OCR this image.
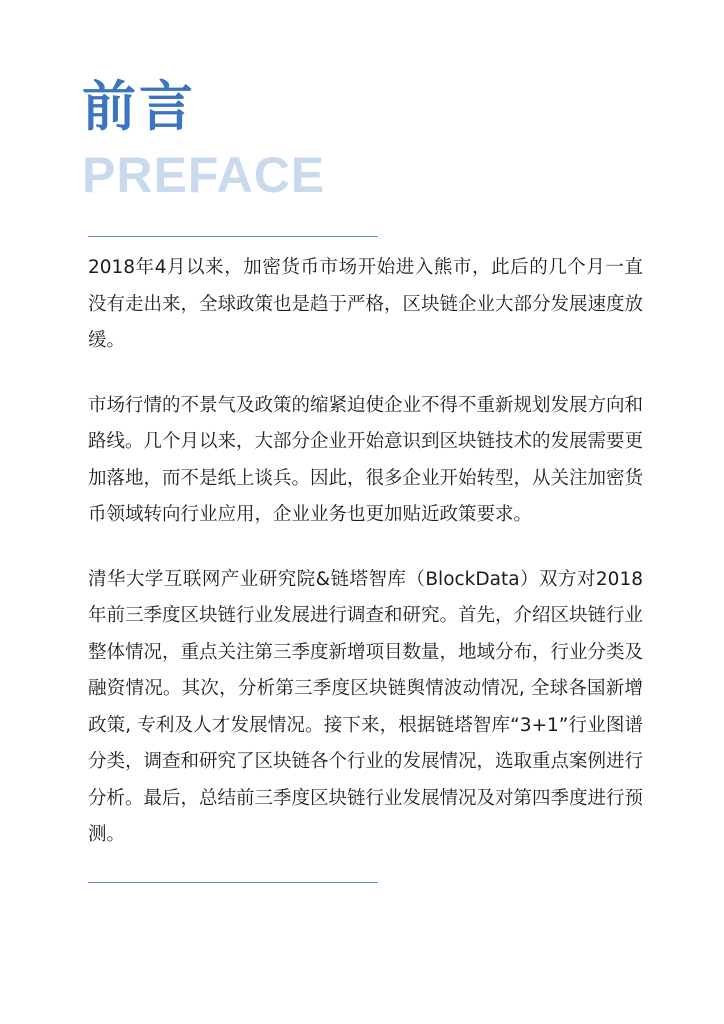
前言
PREFACE

2018年4月以来，加密货币市场开始进入熊市，此后的几个月一直没有走出来，全球政策也是趋于严格，区块链企业大部分发展速度放缓。

市场行情的不景气及政策的缩紧迫使企业不得不重新规划发展方向和路线。几个月以来，大部分企业开始意识到区块链技术的发展需要更加落地，而不是纸上谈兵。因此，很多企业开始转型，从关注加密货币领域转向行业应用，企业业务也更加贴近政策要求。

清华大学互联网产业研究院&链塔智库（BlockData）双方对2018年前三季度区块链行业发展进行调查和研究。首先，介绍区块链行业整体情况，重点关注第三季度新增项目数量，地域分布，行业分类及融资情况。其次，分析第三季度区块链舆情波动情况, 全球各国新增政策, 专利及人才发展情况。接下来，根据链塔智库“3+1”行业图谱分类，调查和研究了区块链各个行业的发展情况，选取重点案例进行分析。最后，总结前三季度区块链行业发展情况及对第四季度进行预测。
